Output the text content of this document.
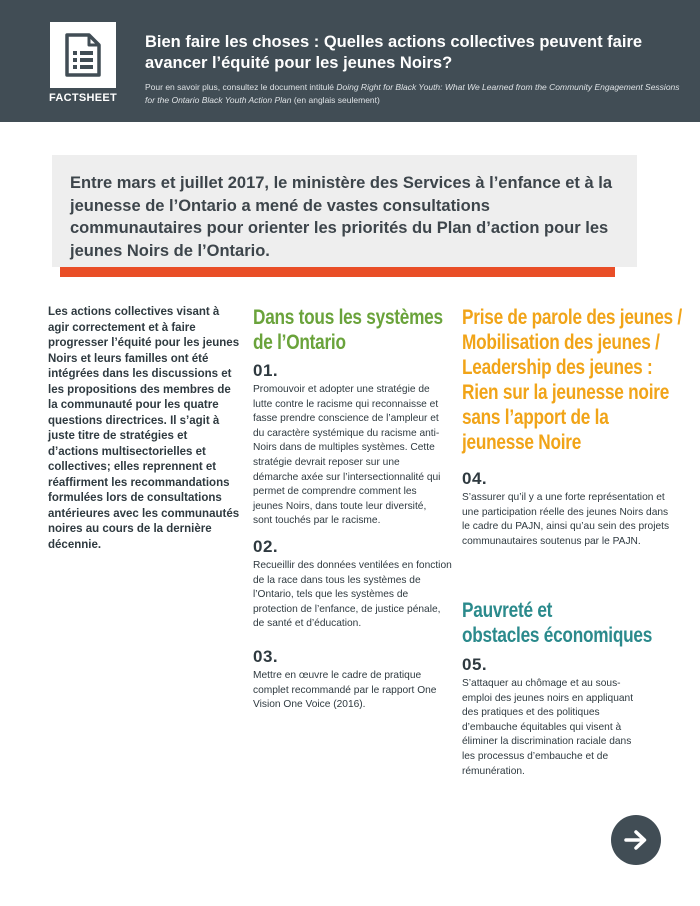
FACTSHEET
Bien faire les choses : Quelles actions collectives peuvent faire avancer l’équité pour les jeunes Noirs?
Pour en savoir plus, consultez le document intitulé Doing Right for Black Youth: What We Learned from the Community Engagement Sessions for the Ontario Black Youth Action Plan (en anglais seulement)
Entre mars et juillet 2017, le ministère des Services à l’enfance et à la jeunesse de l’Ontario a mené de vastes consultations communautaires pour orienter les priorités du Plan d’action pour les jeunes Noirs de l’Ontario.
Les actions collectives visant à agir correctement et à faire progresser l’équité pour les jeunes Noirs et leurs familles ont été intégrées dans les discussions et les propositions des membres de la communauté pour les quatre questions directrices. Il s’agit à juste titre de stratégies et d’actions multisectorielles et collectives; elles reprennent et réaffirment les recommandations formulées lors de consultations antérieures avec les communautés noires au cours de la dernière décennie.
Dans tous les systèmes
de l’Ontario
01.
Promouvoir et adopter une stratégie de lutte contre le racisme qui reconnaisse et fasse prendre conscience de l’ampleur et du caractère systémique du racisme anti-Noirs dans de multiples systèmes. Cette stratégie devrait reposer sur une démarche axée sur l’intersectionnalité qui permet de comprendre comment les jeunes Noirs, dans toute leur diversité, sont touchés par le racisme.
02.
Recueillir des données ventilées en fonction de la race dans tous les systèmes de l’Ontario, tels que les systèmes de protection de l’enfance, de justice pénale, de santé et d’éducation.
03.
Mettre en œuvre le cadre de pratique complet recommandé par le rapport One Vision One Voice (2016).
Prise de parole des jeunes /
Mobilisation des jeunes /
Leadership des jeunes :
Rien sur la jeunesse noire
sans l’apport de la
jeunesse Noire
04.
S’assurer qu’il y a une forte représentation et une participation réelle des jeunes Noirs dans le cadre du PAJN, ainsi qu’au sein des projets communautaires soutenus par le PAJN.
Pauvreté et
obstacles économiques
05.
S’attaquer au chômage et au sous-emploi des jeunes noirs en appliquant des pratiques et des politiques d’embauche équitables qui visent à éliminer la discrimination raciale dans les processus d’embauche et de rémunération.
